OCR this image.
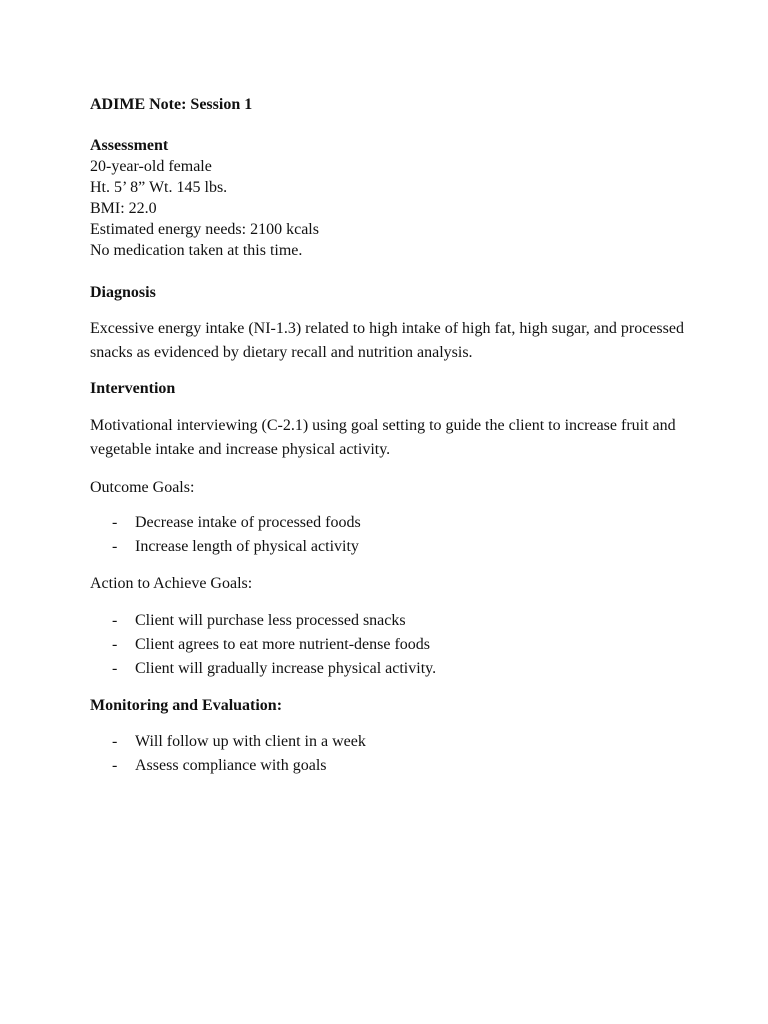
ADIME Note: Session 1
Assessment
20-year-old female
Ht. 5’ 8” Wt. 145 lbs.
BMI: 22.0
Estimated energy needs: 2100 kcals
No medication taken at this time.
Diagnosis
Excessive energy intake (NI-1.3) related to high intake of high fat, high sugar, and processed snacks as evidenced by dietary recall and nutrition analysis.
Intervention
Motivational interviewing (C-2.1) using goal setting to guide the client to increase fruit and vegetable intake and increase physical activity.
Outcome Goals:
- Decrease intake of processed foods
- Increase length of physical activity
Action to Achieve Goals:
- Client will purchase less processed snacks
- Client agrees to eat more nutrient-dense foods
- Client will gradually increase physical activity.
Monitoring and Evaluation:
- Will follow up with client in a week
- Assess compliance with goals
